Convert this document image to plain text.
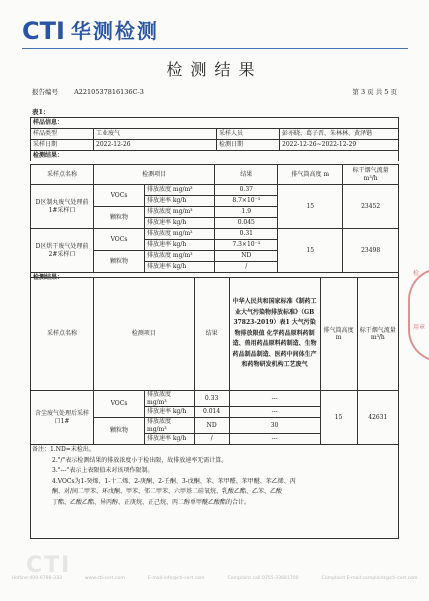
CTI 华测检测
检测结果
报告编号 A2210537816136C-3	第 3 页 共 5 页
表1：
样品信息：			
样品类型	工业废气	采样人员	彭亦晓、葛子晋、朱林林、黄泽锴
采样日期	2022-12-26	检测日期	2022-12-26~2022-12-29
检测结果：			
采样点名称	检测项目		结果	排气筒高度 m	标干烟气流量 m³/h
D区制丸废气处理前1#采样口	VOCs	排放浓度 mg/m³	0.37	15	23452
		排放速率 kg/h	8.7×10⁻³		
	颗粒物	排放浓度 mg/m³	1.9		
		排放速率 kg/h	0.045		
D区烘干废气处理前2#采样口	VOCs	排放浓度 mg/m³	0.31	15	23498
		排放速率 kg/h	7.3×10⁻³		
	颗粒物	排放浓度 mg/m³	ND		
		排放速率 kg/h	/		
检测结果：					
采样点名称	检测项目		结果	中华人民共和国家标准《制药工业大气污染物排放标准》（GB 37823-2019）表1 大气污染物排放限值 化学药品原料药制造、兽用药品原料药制造、生物药品制品制造、医药中间体生产和药物研发机构工艺废气	排气筒高度 m	标干烟气流量 m³/h
含尘废气处理后采样口1#	VOCs	排放浓度 mg/m³	0.33	---	15	42631
		排放速率 kg/h	0.014	---		
	颗粒物	排放浓度 mg/m³	ND	30		
		排放速率 kg/h	/	---		
备注：1.ND=未检出。
2."/"表示检测结果的排放浓度小于检出限，故排放速率无需计算。
3."---"表示上表限值未对该项作限制。
4.VOCs为1-癸烯、1-十二烯、2-庚酮、2-壬酮、3-戊酮、苯、苯甲醛、苯甲醚、苯乙烯、丙
酮、对/间二甲苯、环戊酮、甲苯、邻二甲苯、六甲基二硅氧烷、乳酸乙酯、乙苯、乙酸
丁酯、乙酸乙酯、异丙醇、正庚烷、正己烷、丙二醇单甲醚乙酸酯的合计。
检
用章
CTI
Hotline:400-6788-333	www.cti-cert.com	E-mail:info@cti-cert.com	Complaint call:0755-33681700	Complaint E-mail:complaint@cti-cert.com
